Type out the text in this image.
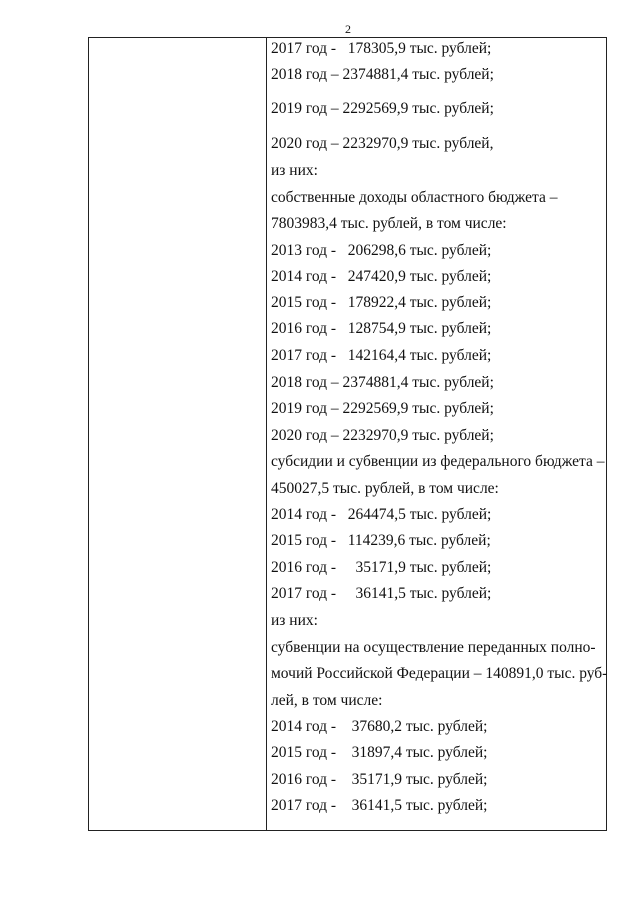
2
2017 год -   178305,9 тыс. рублей;
2018 год – 2374881,4 тыс. рублей;
2019 год – 2292569,9 тыс. рублей;
2020 год – 2232970,9 тыс. рублей,
из них:
собственные доходы областного бюджета –
7803983,4 тыс. рублей, в том числе:
2013 год -   206298,6 тыс. рублей;
2014 год -   247420,9 тыс. рублей;
2015 год -   178922,4 тыс. рублей;
2016 год -   128754,9 тыс. рублей;
2017 год -   142164,4 тыс. рублей;
2018 год – 2374881,4 тыс. рублей;
2019 год – 2292569,9 тыс. рублей;
2020 год – 2232970,9 тыс. рублей;
субсидии и субвенции из федерального бюджета –
450027,5 тыс. рублей, в том числе:
2014 год -   264474,5 тыс. рублей;
2015 год -   114239,6 тыс. рублей;
2016 год -     35171,9 тыс. рублей;
2017 год -     36141,5 тыс. рублей;
из них:
субвенции на осуществление переданных полно-
мочий Российской Федерации – 140891,0 тыс. руб-
лей, в том числе:
2014 год -    37680,2 тыс. рублей;
2015 год -    31897,4 тыс. рублей;
2016 год -    35171,9 тыс. рублей;
2017 год -    36141,5 тыс. рублей;
